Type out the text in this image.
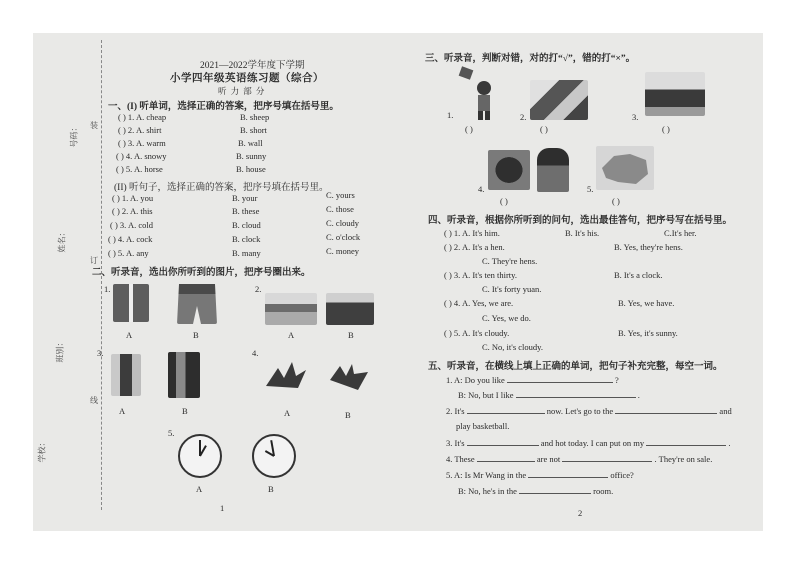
装
订
线
号码：
姓名：
班别：
学校：
2021—2022学年度下学期
小学四年级英语练习题（综合）
听 力 部 分
一、(I) 听单词，选择正确的答案，把序号填在括号里。
( ) 1. A. cheap	B. sheep
( ) 2. A. shirt	B. short
( ) 3. A. warm	B. wall
( ) 4. A. snowy	B. sunny
( ) 5. A. horse	B. house
(II) 听句子，选择正确的答案，把序号填在括号里。
( ) 1. A. you	B. your	C. yours
( ) 2. A. this	B. these	C. those
( ) 3. A. cold	B. cloud	C. cloudy
( ) 4. A. cock	B. clock	C. o'clock
( ) 5. A. any	B. many	C. money
二、听录音，选出你所听到的图片，把序号圈出来。
1.
A	B
2.
A	B
3.
A	B
4.
A	B
5.
A	B
1
三、听录音，判断对错，对的打“√”，错的打“×”。
1.
( )
2.
( )
3.
( )
4.
( )
5.
( )
四、听录音，根据你所听到的问句，选出最佳答句，把序号写在括号里。
( ) 1. A. It's him.	B. It's his.	C.It's her.
( ) 2. A. It's a hen.	B. Yes, they're hens.
C. They're hens.
( ) 3. A. It's ten thirty.	B. It's a clock.
C. It's forty yuan.
( ) 4. A. Yes, we are.	B. Yes, we have.
C. Yes, we do.
( ) 5. A. It's cloudy.	B. Yes, it's sunny.
C. No, it's cloudy.
五、听录音，在横线上填上正确的单词，把句子补充完整，每空一词。
1. A: Do you like	?
B: No, but I like	.
2. It's	now. Let's go to the	and
play basketball.
3. It's	and hot today. I can put on my	.
4. These	are not	. They're on sale.
5. A: Is Mr Wang in the	office?
B: No, he's in the	room.
2
